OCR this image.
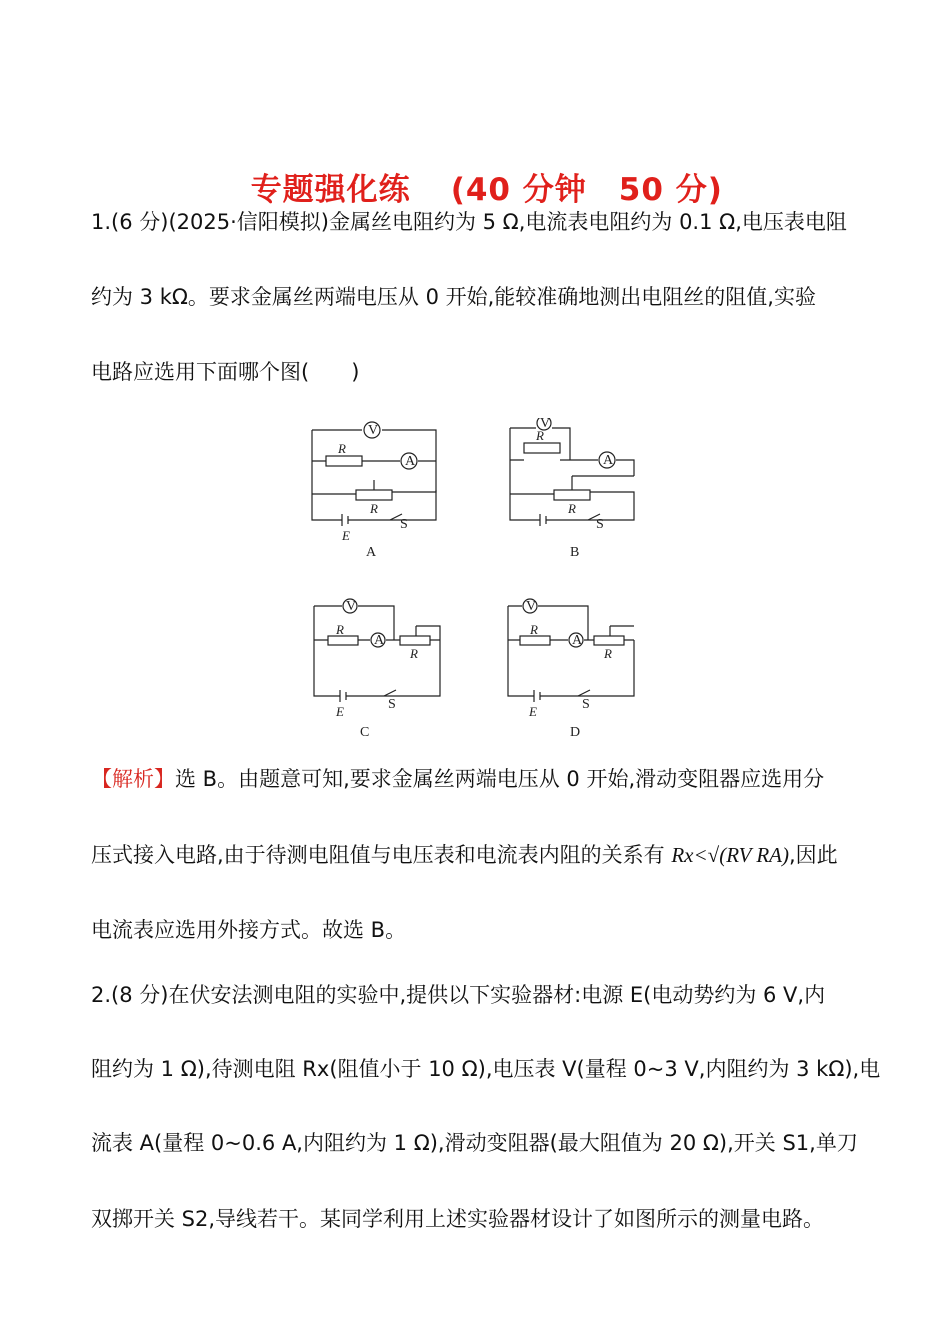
专题强化练 (40 分钟　50 分)

1.(6 分)(2025·信阳模拟)金属丝电阻约为 5 Ω,电流表电阻约为 0.1 Ω,电压表电阻
约为 3 kΩ。要求金属丝两端电压从 0 开始,能较准确地测出电阻丝的阻值,实验
电路应选用下面哪个图(　　)
V
A
V
A
V
A
V
A
R
R
E
R
R
R
R
E
R
R
E
S	S
S	S
A	B
C	D
【解析】选 B。由题意可知,要求金属丝两端电压从 0 开始,滑动变阻器应选用分
压式接入电路,由于待测电阻值与电压表和电流表内阻的关系有 Rx<√(RV RA),因此
电流表应选用外接方式。故选 B。
2.(8 分)在伏安法测电阻的实验中,提供以下实验器材:电源 E(电动势约为 6 V,内
阻约为 1 Ω),待测电阻 Rx(阻值小于 10 Ω),电压表 V(量程 0~3 V,内阻约为 3 kΩ),电
流表 A(量程 0~0.6 A,内阻约为 1 Ω),滑动变阻器(最大阻值为 20 Ω),开关 S1,单刀
双掷开关 S2,导线若干。某同学利用上述实验器材设计了如图所示的测量电路。
